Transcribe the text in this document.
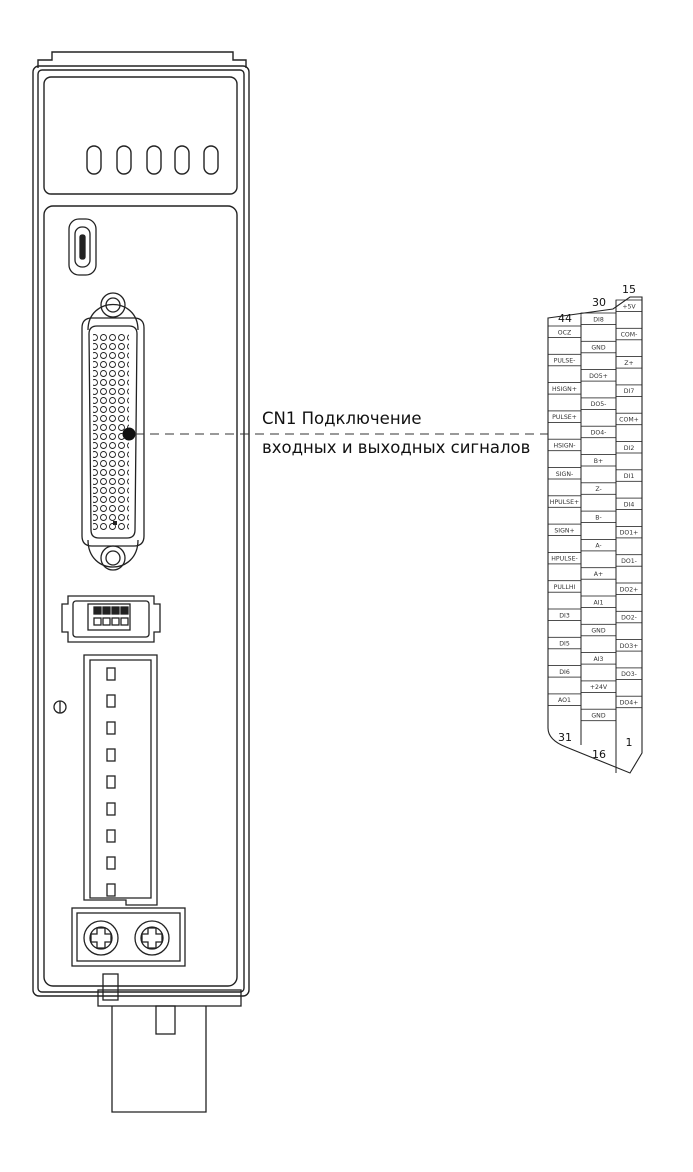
+5V
COM-
Z+
DI7
COM+
DI2
DI1
DI4
DO1+
DO1-
DO2+
DO2-
DO3+
DO3-
DO4+
DI8
GND
DO5+
DO5-
DO4-
B+
Z-
B-
A-
A+
AI1
GND
AI3
+24V
GND
OCZ
PULSE-
HSIGN+
PULSE+
HSIGN-
SIGN-
HPULSE+
SIGN+
HPULSE-
PULLHI
DI3
DI5
DI6
AO1
15
30
44
31
16
1
CN1 Подключение
входных и выходных сигналов
